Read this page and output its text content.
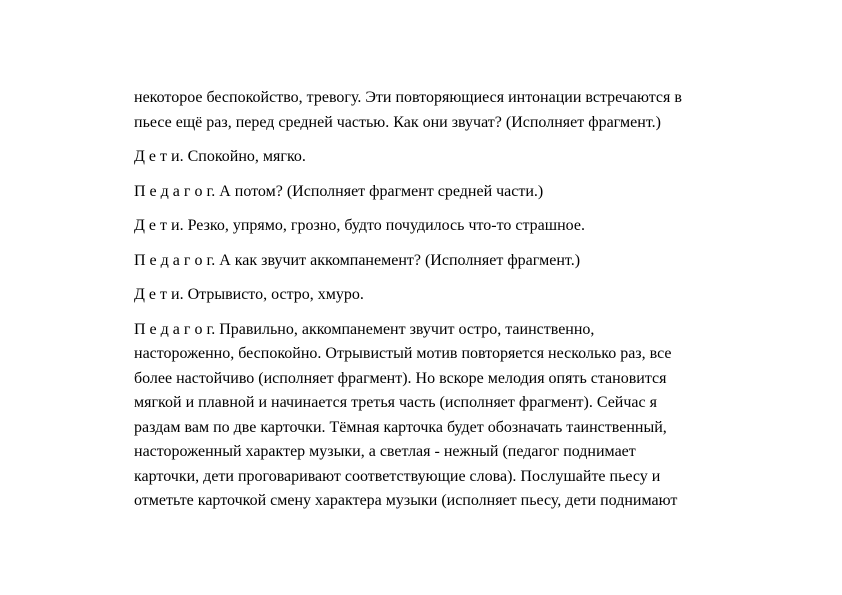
некоторое беспокойство, тревогу. Эти повторяющиеся интонации встречаются в
пьесе ещё раз, перед средней частью. Как они звучат? (Исполняет фрагмент.)

Д е т и. Спокойно, мягко.

П е д а г о г. А потом? (Исполняет фрагмент средней части.)

Д е т и. Резко, упрямо, грозно, будто почудилось что-то страшное.

П е д а г о г. А как звучит аккомпанемент? (Исполняет фрагмент.)

Д е т и. Отрывисто, остро, хмуро.

П е д а г о г. Правильно, аккомпанемент звучит остро, таинственно,
настороженно, беспокойно. Отрывистый мотив повторяется несколько раз, все
более настойчиво (исполняет фрагмент). Но вскоре мелодия опять становится
мягкой и плавной и начинается третья часть (исполняет фрагмент). Сейчас я
раздам вам по две карточки. Тёмная карточка будет обозначать таинственный,
настороженный характер музыки, а светлая - нежный (педагог поднимает
карточки, дети проговаривают соответствующие слова). Послушайте пьесу и
отметьте карточкой смену характера музыки (исполняет пьесу, дети поднимают
